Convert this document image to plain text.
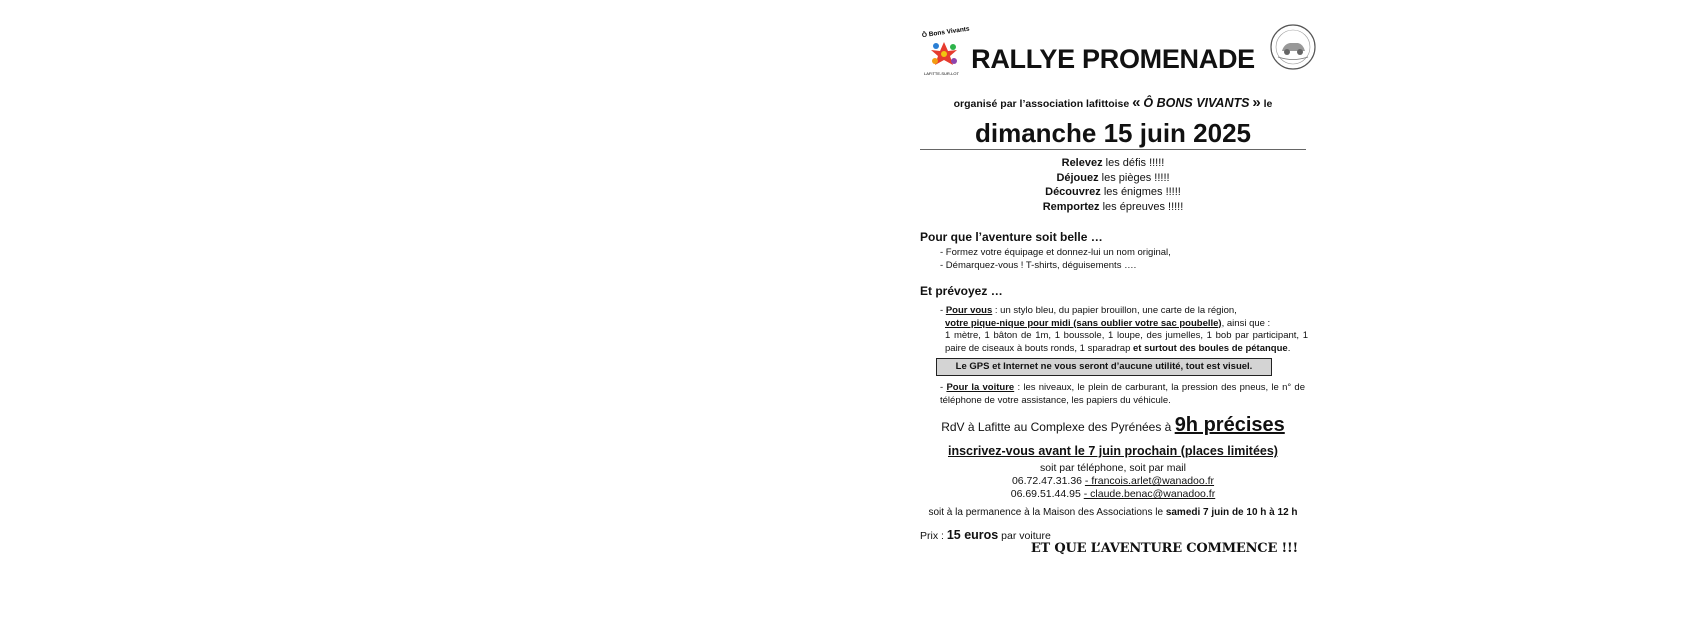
Ô Bons Vivants
LAFITTE-SUR-LOT RALLYE PROMENADE
organisé par l’association lafittoise « Ô BONS VIVANTS » le
dimanche 15 juin 2025
Relevez les défis !!!!!
Déjouez les pièges !!!!!
Découvrez les énigmes !!!!!
Remportez les épreuves !!!!!
Pour que l’aventure soit belle …
- Formez votre équipage et donnez-lui un nom original,
- Démarquez-vous ! T-shirts, déguisements ….
Et prévoyez …
- Pour vous : un stylo bleu, du papier brouillon, une carte de la région,
votre pique-nique pour midi (sans oublier votre sac poubelle), ainsi que :
1 mètre, 1 bâton de 1m, 1 boussole, 1 loupe, des jumelles, 1 bob par participant, 1 paire de ciseaux à bouts ronds, 1 sparadrap et surtout des boules de pétanque.
Le GPS et Internet ne vous seront d’aucune utilité, tout est visuel.
- Pour la voiture : les niveaux, le plein de carburant, la pression des pneus, le n° de téléphone de votre assistance, les papiers du véhicule.
RdV à Lafitte au Complexe des Pyrénées à 9h précises
inscrivez-vous avant le 7 juin prochain (places limitées)
soit par téléphone, soit par mail
06.72.47.31.36 - francois.arlet@wanadoo.fr
06.69.51.44.95 - claude.benac@wanadoo.fr
soit à la permanence à la Maison des Associations le samedi 7 juin de 10 h à 12 h
Prix : 15 euros par voiture
ET QUE L’AVENTURE COMMENCE !!!
